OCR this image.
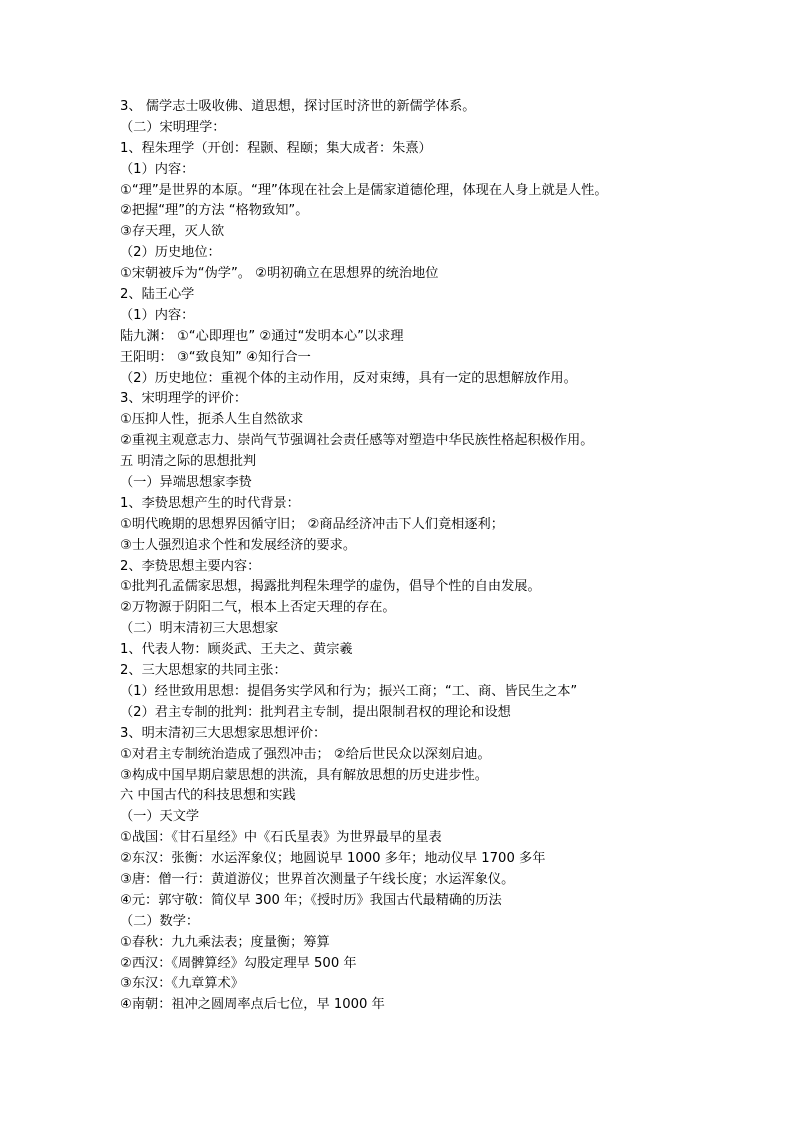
3、 儒学志士吸收佛、道思想，探讨匡时济世的新儒学体系。
（二）宋明理学：
1、程朱理学（开创：程颢、程颐；集大成者：朱熹）
（1）内容：
①“理”是世界的本原。“理”体现在社会上是儒家道德伦理，体现在人身上就是人性。
②把握“理”的方法 “格物致知”。
③存天理，灭人欲
（2）历史地位：
①宋朝被斥为“伪学”。 ②明初确立在思想界的统治地位
2、陆王心学
（1）内容：
陆九渊： ①“心即理也” ②通过“发明本心”以求理
王阳明： ③“致良知” ④知行合一
（2）历史地位：重视个体的主动作用，反对束缚，具有一定的思想解放作用。
3、宋明理学的评价：
①压抑人性，扼杀人生自然欲求
②重视主观意志力、崇尚气节强调社会责任感等对塑造中华民族性格起积极作用。
五 明清之际的思想批判
（一）异端思想家李贽
1、李贽思想产生的时代背景：
①明代晚期的思想界因循守旧； ②商品经济冲击下人们竟相逐利；
③士人强烈追求个性和发展经济的要求。
2、李贽思想主要内容：
①批判孔孟儒家思想，揭露批判程朱理学的虚伪，倡导个性的自由发展。
②万物源于阴阳二气，根本上否定天理的存在。
（二）明末清初三大思想家
1、代表人物：顾炎武、王夫之、黄宗羲
2、三大思想家的共同主张：
（1）经世致用思想：提倡务实学风和行为；振兴工商；“工、商、皆民生之本”
（2）君主专制的批判：批判君主专制，提出限制君权的理论和设想
3、明末清初三大思想家思想评价：
①对君主专制统治造成了强烈冲击； ②给后世民众以深刻启迪。
③构成中国早期启蒙思想的洪流，具有解放思想的历史进步性。
六 中国古代的科技思想和实践
（一）天文学
①战国：《甘石星经》中《石氏星表》为世界最早的星表
②东汉：张衡：水运浑象仪；地圆说早 1000 多年；地动仪早 1700 多年
③唐：僧一行：黄道游仪；世界首次测量子午线长度；水运浑象仪。
④元：郭守敬：简仪早 300 年；《授时历》我国古代最精确的历法
（二）数学：
①春秋：九九乘法表；度量衡；筹算
②西汉：《周髀算经》勾股定理早 500 年
③东汉：《九章算术》
④南朝：祖冲之圆周率点后七位，早 1000 年
